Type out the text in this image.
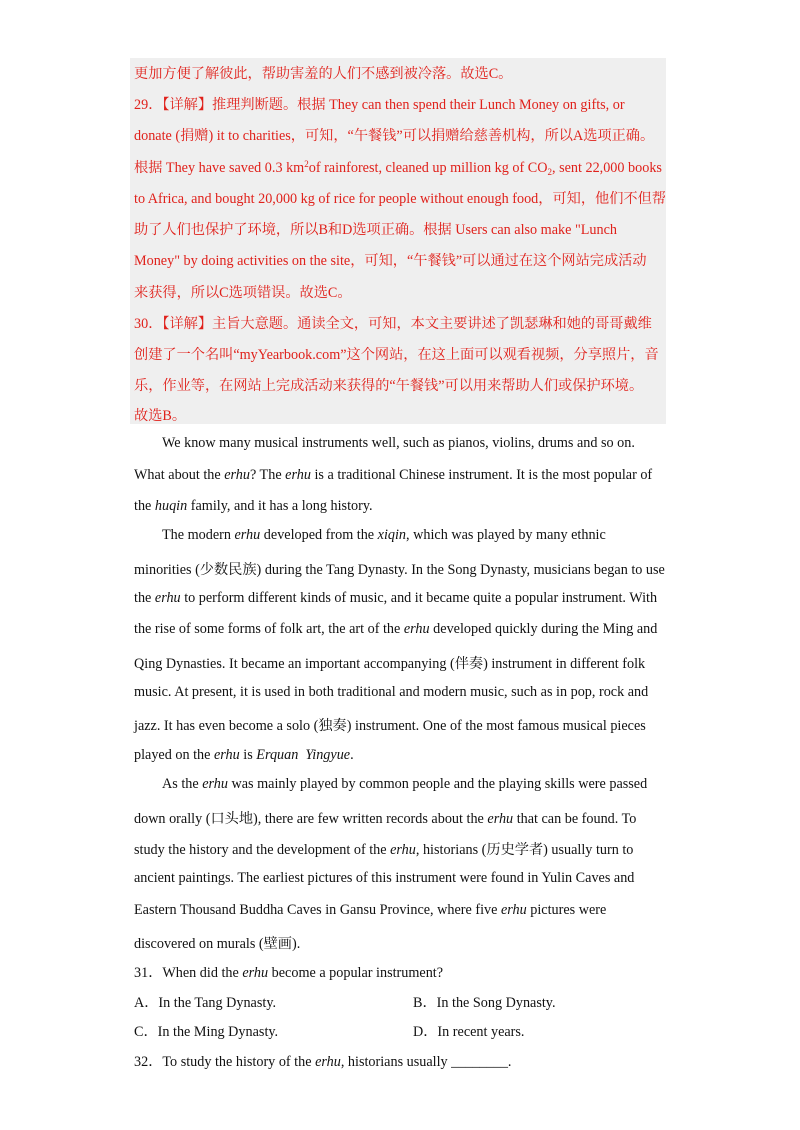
更加方便了解彼此，帮助害羞的人们不感到被冷落。故选C。
29．【详解】推理判断题。根据 They can then spend their Lunch Money on gifts, or
donate (捐赠) it to charities，可知，“午餐钱”可以捐赠给慈善机构，所以A选项正确。
根据 They have saved 0.3 $km^2of$ rainforest, cleaned up million kg of $CO_2$, sent 22,000 books
to Africa, and bought 20,000 kg of rice for people without enough food，可知，他们不但帮
助了人们也保护了环境，所以B和D选项正确。根据 Users can also make "Lunch
Money" by doing activities on the site，可知，“午餐钱”可以通过在这个网站完成活动
来获得，所以C选项错误。故选C。
30．【详解】主旨大意题。通读全文，可知，本文主要讲述了凯瑟琳和她的哥哥戴维
创建了一个名叫“myYearbook.com”这个网站，在这上面可以观看视频，分享照片，音
乐，作业等，在网站上完成活动来获得的“午餐钱”可以用来帮助人们或保护环境。
故选B。
We know many musical instruments well, such as pianos, violins, drums and so on.
What about the erhu? The erhu is a traditional Chinese instrument. It is the most popular of
the huqin family, and it has a long history.
The modern erhu developed from the xiqin, which was played by many ethnic
minorities (少数民族) during the Tang Dynasty. In the Song Dynasty, musicians began to use
the erhu to perform different kinds of music, and it became quite a popular instrument. With
the rise of some forms of folk art, the art of the erhu developed quickly during the Ming and
Qing Dynasties. It became an important accompanying (伴奏) instrument in different folk
music. At present, it is used in both traditional and modern music, such as in pop, rock and
jazz. It has even become a solo (独奏) instrument. One of the most famous musical pieces
played on the erhu is Erquan  Yingyue.
As the erhu was mainly played by common people and the playing skills were passed
down orally (口头地), there are few written records about the erhu that can be found. To
study the history and the development of the erhu, historians (历史学者) usually turn to
ancient paintings. The earliest pictures of this instrument were found in Yulin Caves and
Eastern Thousand Buddha Caves in Gansu Province, where five erhu pictures were
discovered on murals (壁画).
31．When did the erhu become a popular instrument?
A．In the Tang Dynasty.	B．In the Song Dynasty.
C．In the Ming Dynasty.	D．In recent years.
32．To study the history of the erhu, historians usually ________.
